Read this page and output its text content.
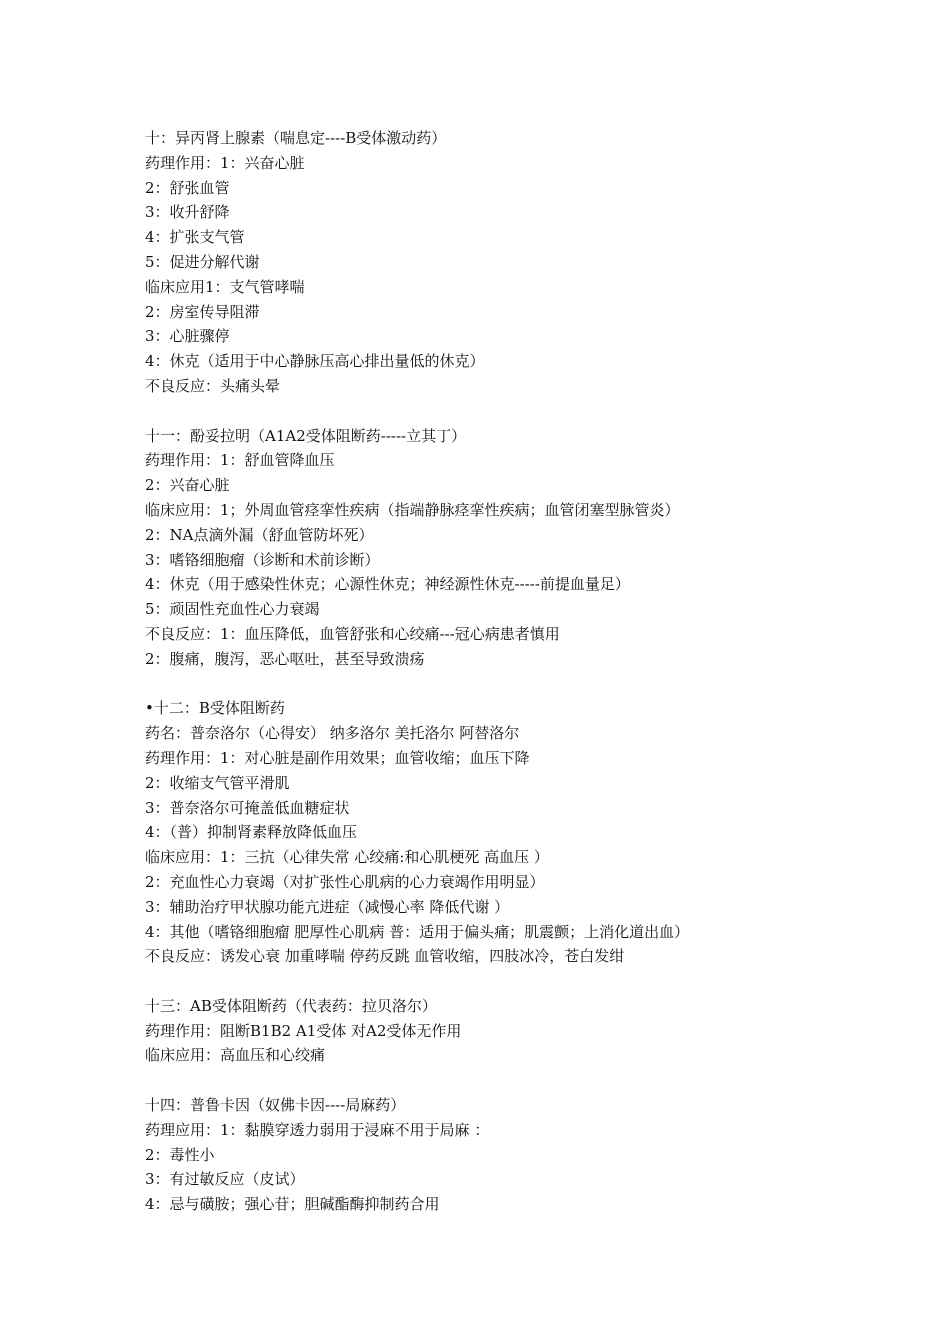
十：异丙肾上腺素（喘息定----B受体激动药）
药理作用：1：兴奋心脏
2：舒张血管
3：收升舒降
4：扩张支气管
5：促进分解代谢
临床应用1：支气管哮喘
2：房室传导阻滞
3：心脏骤停
4：休克（适用于中心静脉压高心排出量低的休克）
不良反应：头痛头晕
十一：酚妥拉明（A1A2受体阻断药-----立其丁）
药理作用：1：舒血管降血压
2：兴奋心脏
临床应用：1；外周血管痉挛性疾病（指端静脉痉挛性疾病；血管闭塞型脉管炎）
2：NA点滴外漏（舒血管防坏死）
3：嗜铬细胞瘤（诊断和术前诊断）
4：休克（用于感染性休克；心源性休克；神经源性休克-----前提血量足）
5：顽固性充血性心力衰竭
不良反应：1：血压降低，血管舒张和心绞痛---冠心病患者慎用
2：腹痛，腹泻，恶心呕吐，甚至导致溃疡
•十二：B受体阻断药
药名：普奈洛尔（心得安） 纳多洛尔 美托洛尔 阿替洛尔
药理作用：1：对心脏是副作用效果；血管收缩；血压下降
2：收缩支气管平滑肌
3：普奈洛尔可掩盖低血糖症状
4：（普）抑制肾素释放降低血压
临床应用：1：三抗（心律失常 心绞痛:和心肌梗死 高血压 ）
2：充血性心力衰竭（对扩张性心肌病的心力衰竭作用明显）
3：辅助治疗甲状腺功能亢进症（减慢心率 降低代谢 ）
4：其他（嗜铬细胞瘤 肥厚性心肌病 普：适用于偏头痛；肌震颤；上消化道出血）
不良反应：诱发心衰 加重哮喘 停药反跳 血管收缩，四肢冰冷，苍白发绀
十三：AB受体阻断药（代表药：拉贝洛尔）
药理作用：阻断B1B2 A1受体 对A2受体无作用
临床应用：高血压和心绞痛
十四：普鲁卡因（奴佛卡因----局麻药）
药理应用：1：黏膜穿透力弱用于浸麻不用于局麻 ：
2：毒性小
3：有过敏反应（皮试）
4：忌与磺胺；强心苷；胆碱酯酶抑制药合用
